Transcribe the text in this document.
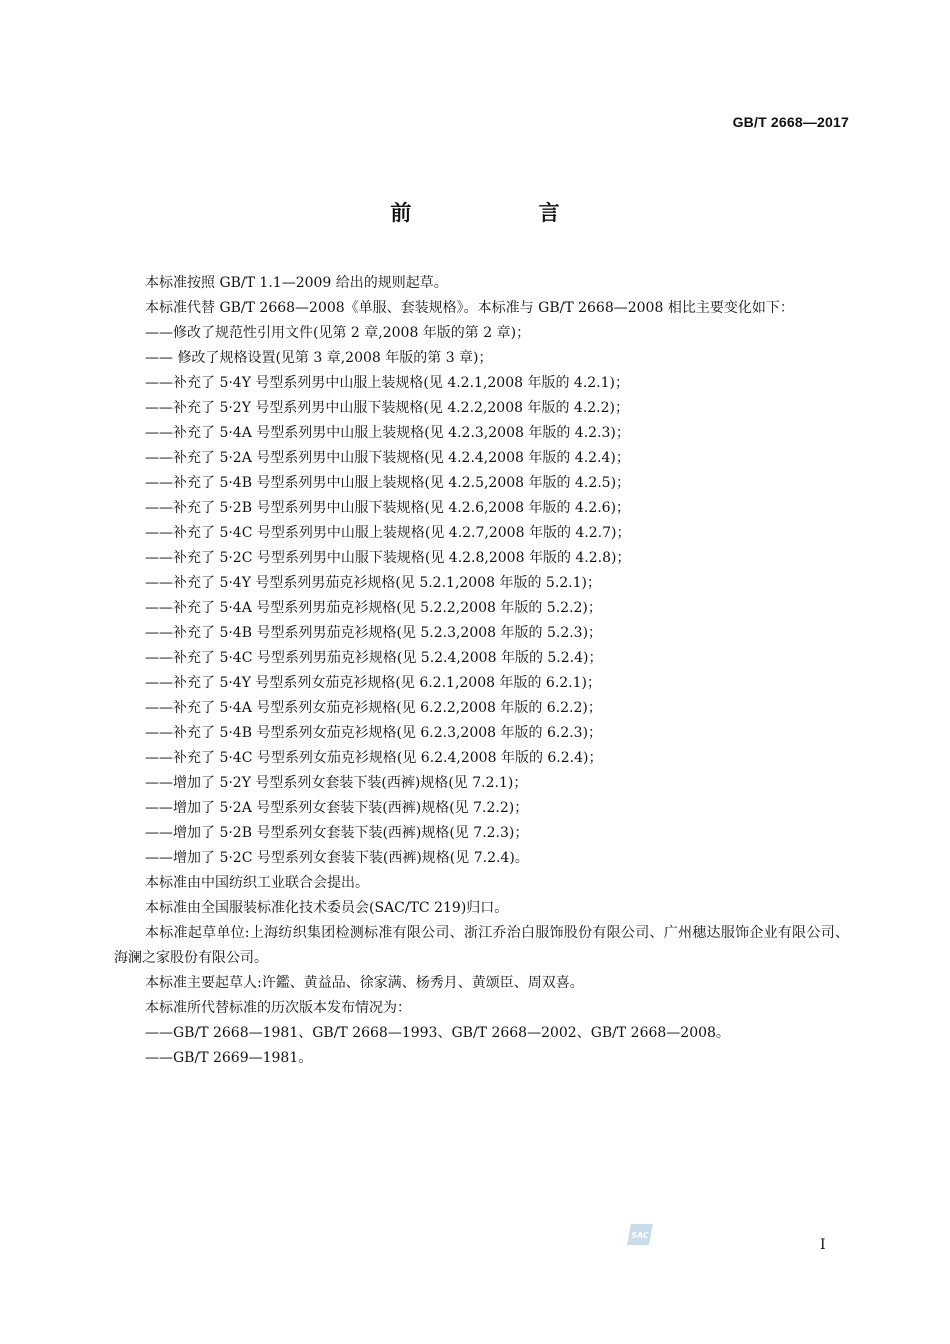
GB/T 2668—2017
前 言

本标准按照 GB/T 1.1—2009 给出的规则起草。

本标准代替 GB/T 2668—2008《单服、套装规格》。本标准与 GB/T 2668—2008 相比主要变化如下：

——修改了规范性引用文件(见第 2 章,2008 年版的第 2 章)；
—— 修改了规格设置(见第 3 章,2008 年版的第 3 章)；
——补充了 5·4Y 号型系列男中山服上装规格(见 4.2.1,2008 年版的 4.2.1)；
——补充了 5·2Y 号型系列男中山服下装规格(见 4.2.2,2008 年版的 4.2.2)；
——补充了 5·4A 号型系列男中山服上装规格(见 4.2.3,2008 年版的 4.2.3)；
——补充了 5·2A 号型系列男中山服下装规格(见 4.2.4,2008 年版的 4.2.4)；
——补充了 5·4B 号型系列男中山服上装规格(见 4.2.5,2008 年版的 4.2.5)；
——补充了 5·2B 号型系列男中山服下装规格(见 4.2.6,2008 年版的 4.2.6)；
——补充了 5·4C 号型系列男中山服上装规格(见 4.2.7,2008 年版的 4.2.7)；
——补充了 5·2C 号型系列男中山服下装规格(见 4.2.8,2008 年版的 4.2.8)；
——补充了 5·4Y 号型系列男茄克衫规格(见 5.2.1,2008 年版的 5.2.1)；
——补充了 5·4A 号型系列男茄克衫规格(见 5.2.2,2008 年版的 5.2.2)；
——补充了 5·4B 号型系列男茄克衫规格(见 5.2.3,2008 年版的 5.2.3)；
——补充了 5·4C 号型系列男茄克衫规格(见 5.2.4,2008 年版的 5.2.4)；
——补充了 5·4Y 号型系列女茄克衫规格(见 6.2.1,2008 年版的 6.2.1)；
——补充了 5·4A 号型系列女茄克衫规格(见 6.2.2,2008 年版的 6.2.2)；
——补充了 5·4B 号型系列女茄克衫规格(见 6.2.3,2008 年版的 6.2.3)；
——补充了 5·4C 号型系列女茄克衫规格(见 6.2.4,2008 年版的 6.2.4)；
——增加了 5·2Y 号型系列女套装下装(西裤)规格(见 7.2.1)；
——增加了 5·2A 号型系列女套装下装(西裤)规格(见 7.2.2)；
——增加了 5·2B 号型系列女套装下装(西裤)规格(见 7.2.3)；
——增加了 5·2C 号型系列女套装下装(西裤)规格(见 7.2.4)。

本标准由中国纺织工业联合会提出。

本标准由全国服装标准化技术委员会(SAC/TC 219)归口。

本标准起草单位:上海纺织集团检测标准有限公司、浙江乔治白服饰股份有限公司、广州穗达服饰企业有限公司、海澜之家股份有限公司。

本标准主要起草人:许鑑、黄益品、徐家满、杨秀月、黄颂臣、周双喜。

本标准所代替标准的历次版本发布情况为：

——GB/T 2668—1981、GB/T 2668—1993、GB/T 2668—2002、GB/T 2668—2008。
——GB/T 2669—1981。
SAC
I
